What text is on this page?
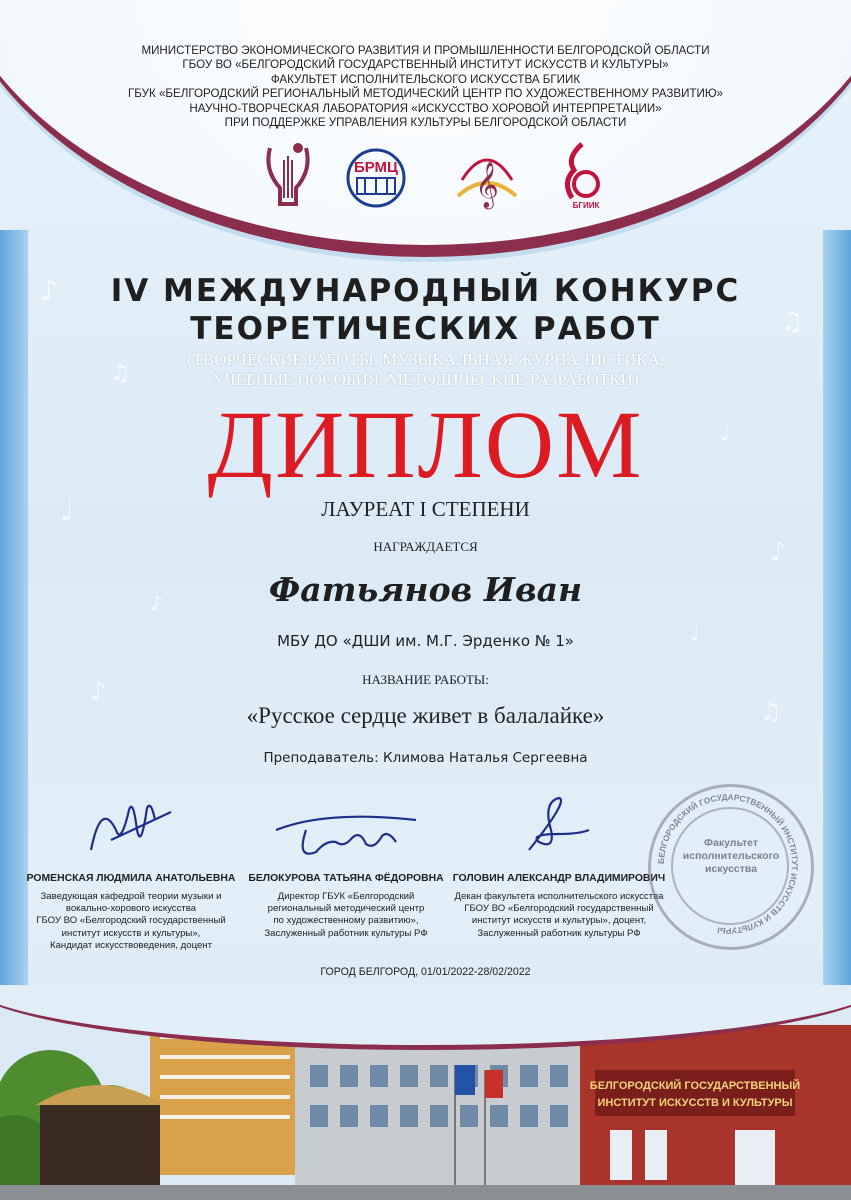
♪
♫
♩
♪
♫
♩
♪
♫
♪
♩
МИНИСТЕРСТВО ЭКОНОМИЧЕСКОГО РАЗВИТИЯ И ПРОМЫШЛЕННОСТИ БЕЛГОРОДСКОЙ ОБЛАСТИ
ГБОУ ВО «БЕЛГОРОДСКИЙ ГОСУДАРСТВЕННЫЙ ИНСТИТУТ ИСКУССТВ И КУЛЬТУРЫ»
ФАКУЛЬТЕТ ИСПОЛНИТЕЛЬСКОГО ИСКУССТВА БГИИК
ГБУК «БЕЛГОРОДСКИЙ РЕГИОНАЛЬНЫЙ МЕТОДИЧЕСКИЙ ЦЕНТР ПО ХУДОЖЕСТВЕННОМУ РАЗВИТИЮ»
НАУЧНО-ТВОРЧЕСКАЯ ЛАБОРАТОРИЯ «ИСКУССТВО ХОРОВОЙ ИНТЕРПРЕТАЦИИ»
ПРИ ПОДДЕРЖКЕ УПРАВЛЕНИЯ КУЛЬТУРЫ БЕЛГОРОДСКОЙ ОБЛАСТИ
БРМЦ 𝄞	БГИИК
IV МЕЖДУНАРОДНЫЙ КОНКУРС
ТЕОРЕТИЧЕСКИХ РАБОТ
(ТВОРЧЕСКИЕ РАБОТЫ, МУЗЫКАЛЬНАЯ ЖУРНАЛИСТИКА,
УЧЕБНЫЕ ПОСОБИЯ, МЕТОДИЧЕСКИЕ РАЗРАБОТКИ)
ДИПЛОМ
ЛАУРЕАТ I СТЕПЕНИ
НАГРАЖДАЕТСЯ
Фатьянов Иван
МБУ ДО «ДШИ им. М.Г. Эрденко № 1»
НАЗВАНИЕ РАБОТЫ:
«Русское сердце живет в балалайке»
Преподаватель: Климова Наталья Сергеевна
РОМЕНСКАЯ ЛЮДМИЛА АНАТОЛЬЕВНА
Заведующая кафедрой теории музыки и
вокально-хорового искусства
ГБОУ ВО «Белгородский государственный
институт искусств и культуры»,
Кандидат искусствоведения, доцент
БЕЛОКУРОВА ТАТЬЯНА ФЁДОРОВНА
Директор ГБУК «Белгородский
региональный методический центр
по художественному развитию»,
Заслуженный работник культуры РФ
ГОЛОВИН АЛЕКСАНДР ВЛАДИМИРОВИЧ
Декан факультета исполнительского искусства
ГБОУ ВО «Белгородский государственный
институт искусств и культуры», доцент,
Заслуженный работник культуры РФ
БЕЛГОРОДСКИЙ ГОСУДАРСТВЕННЫЙ ИНСТИТУТ ИСКУССТВ И КУЛЬТУРЫ
Факультет
исполнительского
искусства
ГОРОД БЕЛГОРОД, 01/01/2022-28/02/2022
БЕЛГОРОДСКИЙ ГОСУДАРСТВЕННЫЙ
ИНСТИТУТ ИСКУССТВ И КУЛЬТУРЫ
